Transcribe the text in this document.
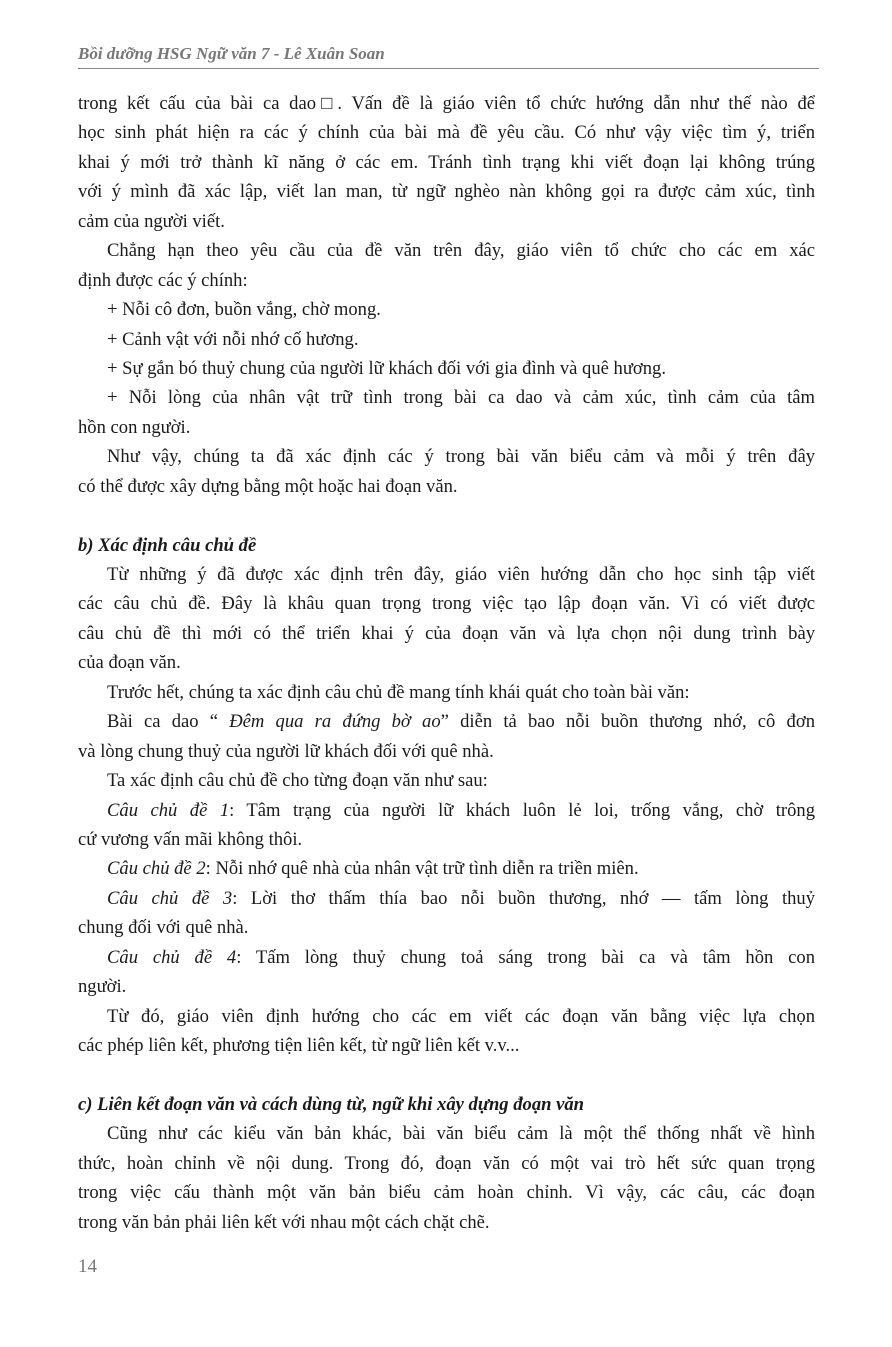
Bồi dưỡng HSG Ngữ văn 7 - Lê Xuân Soan
trong kết cấu của bài ca dao□. Vấn đề là giáo viên tổ chức hướng dẫn như thế nào để
học sinh phát hiện ra các ý chính của bài mà đề yêu cầu. Có như vậy việc tìm ý, triển
khai ý mới trở thành kĩ năng ở các em. Tránh tình trạng khi viết đoạn lại không trúng
với ý mình đã xác lập, viết lan man, từ ngữ nghèo nàn không gọi ra được cảm xúc, tình
cảm của người viết.
Chẳng hạn theo yêu cầu của đề văn trên đây, giáo viên tổ chức cho các em xác
định được các ý chính:
+ Nỗi cô đơn, buồn vắng, chờ mong.
+ Cảnh vật với nỗi nhớ cố hương.
+ Sự gắn bó thuỷ chung của người lữ khách đối với gia đình và quê hương.
+ Nỗi lòng của nhân vật trữ tình trong bài ca dao và cảm xúc, tình cảm của tâm
hồn con người.
Như vậy, chúng ta đã xác định các ý trong bài văn biểu cảm và mỗi ý trên đây
có thể được xây dựng bằng một hoặc hai đoạn văn.
b) Xác định câu chủ đề
Từ những ý đã được xác định trên đây, giáo viên hướng dẫn cho học sinh tập viết
các câu chủ đề. Đây là khâu quan trọng trong việc tạo lập đoạn văn. Vì có viết được
câu chủ đề thì mới có thể triển khai ý của đoạn văn và lựa chọn nội dung trình bày
của đoạn văn.
Trước hết, chúng ta xác định câu chủ đề mang tính khái quát cho toàn bài văn:
Bài ca dao “ Đêm qua ra đứng bờ ao” diễn tả bao nỗi buồn thương nhớ, cô đơn
và lòng chung thuỷ của người lữ khách đối với quê nhà.
Ta xác định câu chủ đề cho từng đoạn văn như sau:
Câu chủ đề 1: Tâm trạng của người lữ khách luôn lẻ loi, trống vắng, chờ trông
cứ vương vấn mãi không thôi.
Câu chủ đề 2: Nỗi nhớ quê nhà của nhân vật trữ tình diễn ra triền miên.
Câu chủ đề 3: Lời thơ thấm thía bao nỗi buồn thương, nhớ — tấm lòng thuỷ
chung đối với quê nhà.
Câu chủ đề 4: Tấm lòng thuỷ chung toả sáng trong bài ca và tâm hồn con
người.
Từ đó, giáo viên định hướng cho các em viết các đoạn văn bằng việc lựa chọn
các phép liên kết, phương tiện liên kết, từ ngữ liên kết v.v...
c) Liên kết đoạn văn và cách dùng từ, ngữ khi xây dựng đoạn văn
Cũng như các kiểu văn bản khác, bài văn biểu cảm là một thể thống nhất về hình
thức, hoàn chỉnh về nội dung. Trong đó, đoạn văn có một vai trò hết sức quan trọng
trong việc cấu thành một văn bản biểu cảm hoàn chỉnh. Vì vậy, các câu, các đoạn
trong văn bản phải liên kết với nhau một cách chặt chẽ.
14
